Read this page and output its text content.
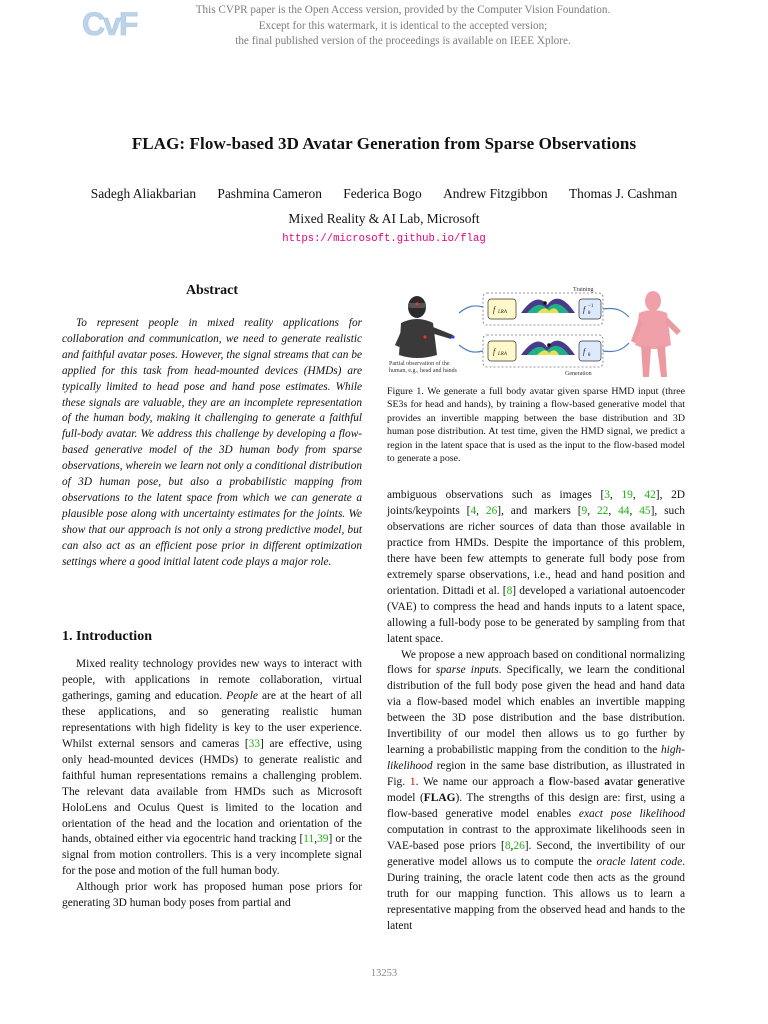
CvF	This CVPR paper is the Open Access version, provided by the Computer Vision Foundation.
Except for this watermark, it is identical to the accepted version;
the final published version of the proceedings is available on IEEE Xplore.
FLAG: Flow-based 3D Avatar Generation from Sparse Observations
Sadegh Aliakbarian Pashmina Cameron Federica Bogo Andrew Fitzgibbon Thomas J. Cashman
Mixed Reality & AI Lab, Microsoft
https://microsoft.github.io/flag
Abstract
To represent people in mixed reality applications for collaboration and communication, we need to generate realistic and faithful avatar poses. However, the signal streams that can be applied for this task from head-mounted devices (HMDs) are typically limited to head pose and hand pose estimates. While these signals are valuable, they are an incomplete representation of the human body, making it challenging to generate a faithful full-body avatar. We address this challenge by developing a flow-based generative model of the 3D human body from sparse observations, wherein we learn not only a conditional distribution of 3D human pose, but also a probabilistic mapping from observations to the latent space from which we can generate a plausible pose along with uncertainty estimates for the joints. We show that our approach is not only a strong predictive model, but can also act as an efficient pose prior in different optimization settings where a good initial latent code plays a major role.
Partial observation of the
human, e.g., head and hands
Training
f LRA	f −1
θ
Generation
f LRA	f θ
Figure 1. We generate a full body avatar given sparse HMD input (three SE3s for head and hands), by training a flow-based generative model that provides an invertible mapping between the base distribution and 3D human pose distribution. At test time, given the HMD signal, we predict a region in the latent space that is used as the input to the flow-based model to generate a pose.
1. Introduction

Mixed reality technology provides new ways to interact with people, with applications in remote collaboration, virtual gatherings, gaming and education. People are at the heart of all these applications, and so generating realistic human representations with high fidelity is key to the user experience. Whilst external sensors and cameras [33] are effective, using only head-mounted devices (HMDs) to generate realistic and faithful human representations remains a challenging problem. The relevant data available from HMDs such as Microsoft HoloLens and Oculus Quest is limited to the location and orientation of the head and the location and orientation of the hands, obtained either via egocentric hand tracking [11,39] or the signal from motion controllers. This is a very incomplete signal for the pose and motion of the full human body.

Although prior work has proposed human pose priors for generating 3D human body poses from partial and

ambiguous observations such as images [3, 19, 42], 2D joints/keypoints [4, 26], and markers [9, 22, 44, 45], such observations are richer sources of data than those available in practice from HMDs. Despite the importance of this problem, there have been few attempts to generate full body pose from extremely sparse observations, i.e., head and hand position and orientation. Dittadi et al. [8] developed a variational autoencoder (VAE) to compress the head and hands inputs to a latent space, allowing a full-body pose to be generated by sampling from that latent space.

We propose a new approach based on conditional normalizing flows for sparse inputs. Specifically, we learn the conditional distribution of the full body pose given the head and hand data via a flow-based model which enables an invertible mapping between the 3D pose distribution and the base distribution. Invertibility of our model then allows us to go further by learning a probabilistic mapping from the condition to the high-likelihood region in the same base distribution, as illustrated in Fig. 1. We name our approach a flow-based avatar generative model (FLAG). The strengths of this design are: first, using a flow-based generative model enables exact pose likelihood computation in contrast to the approximate likelihoods seen in VAE-based pose priors [8,26]. Second, the invertibility of our generative model allows us to compute the oracle latent code. During training, the oracle latent code then acts as the ground truth for our mapping function. This allows us to learn a representative mapping from the observed head and hands to the latent

13253
